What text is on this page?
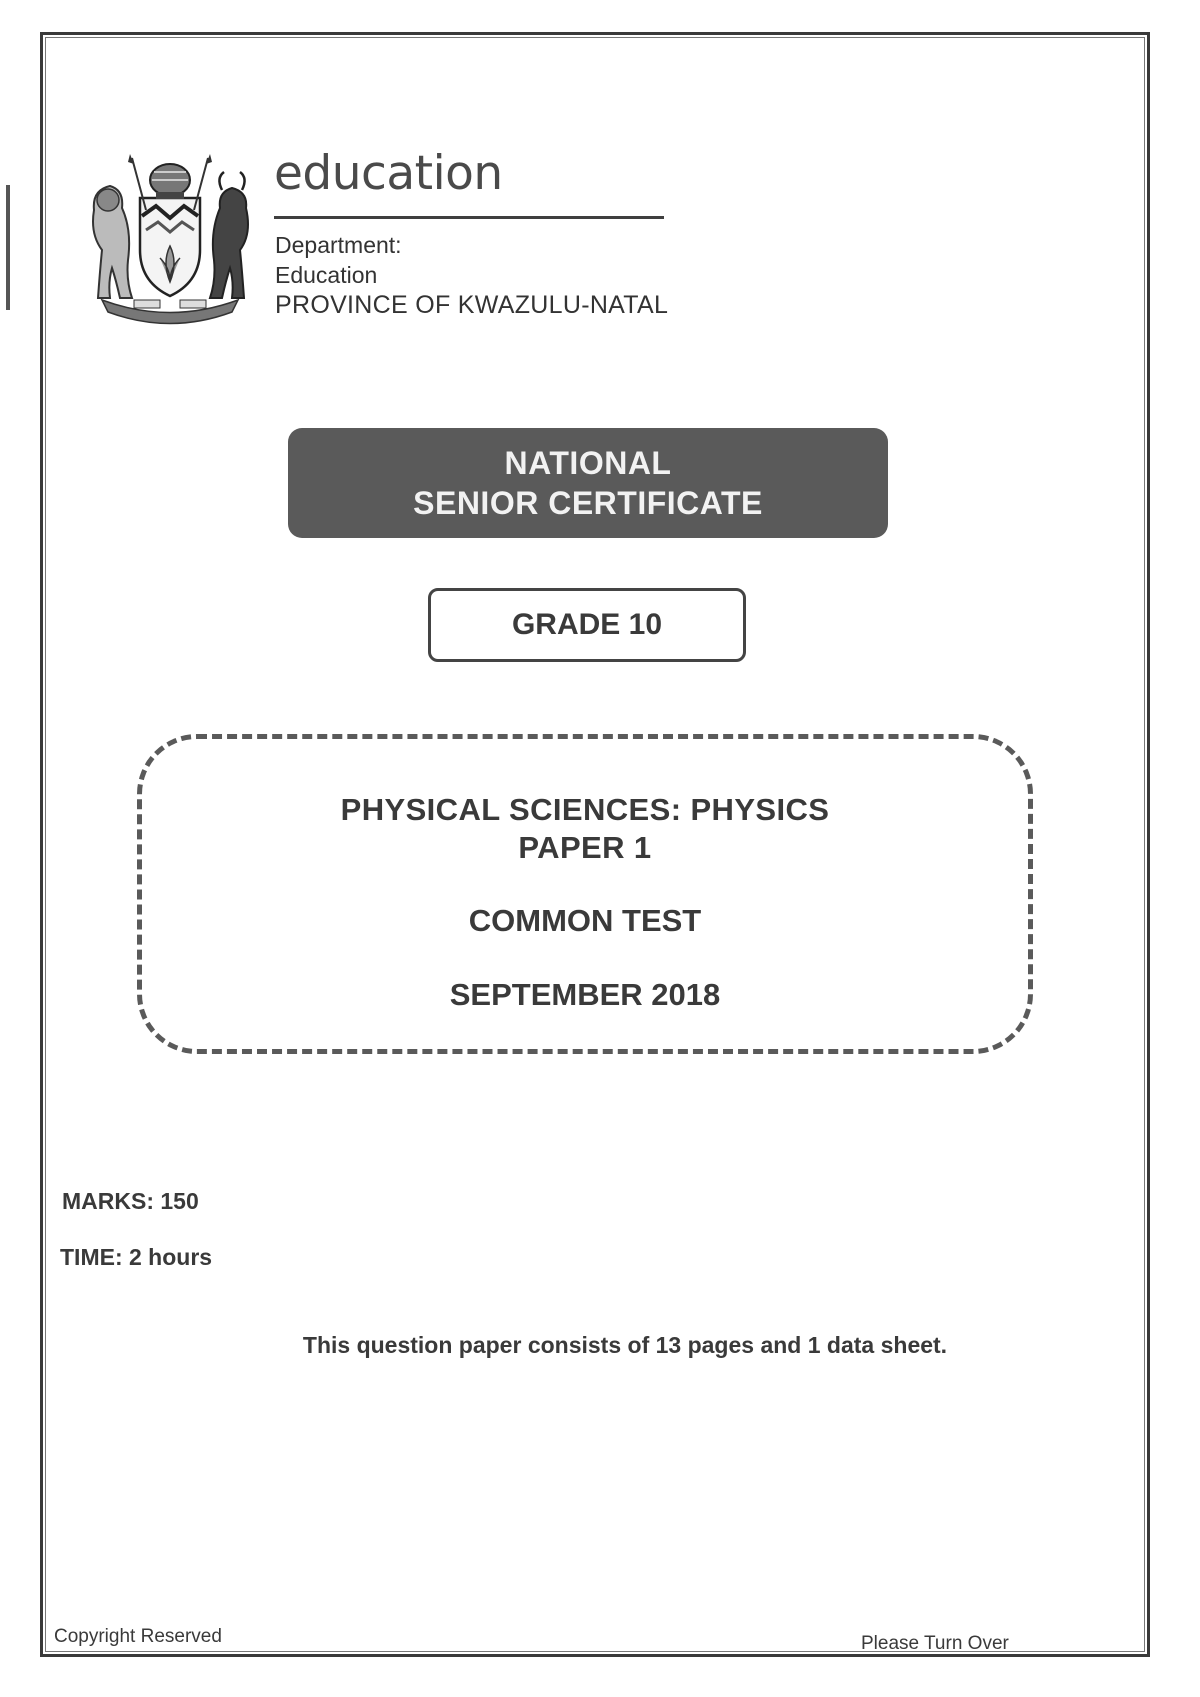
education
Department:
Education
PROVINCE OF KWAZULU-NATAL
NATIONAL
SENIOR CERTIFICATE
GRADE 10
PHYSICAL SCIENCES: PHYSICS
PAPER 1
COMMON TEST
SEPTEMBER 2018
MARKS: 150
TIME: 2 hours
This question paper consists of 13 pages and 1 data sheet.
Copyright Reserved	Please Turn Over
